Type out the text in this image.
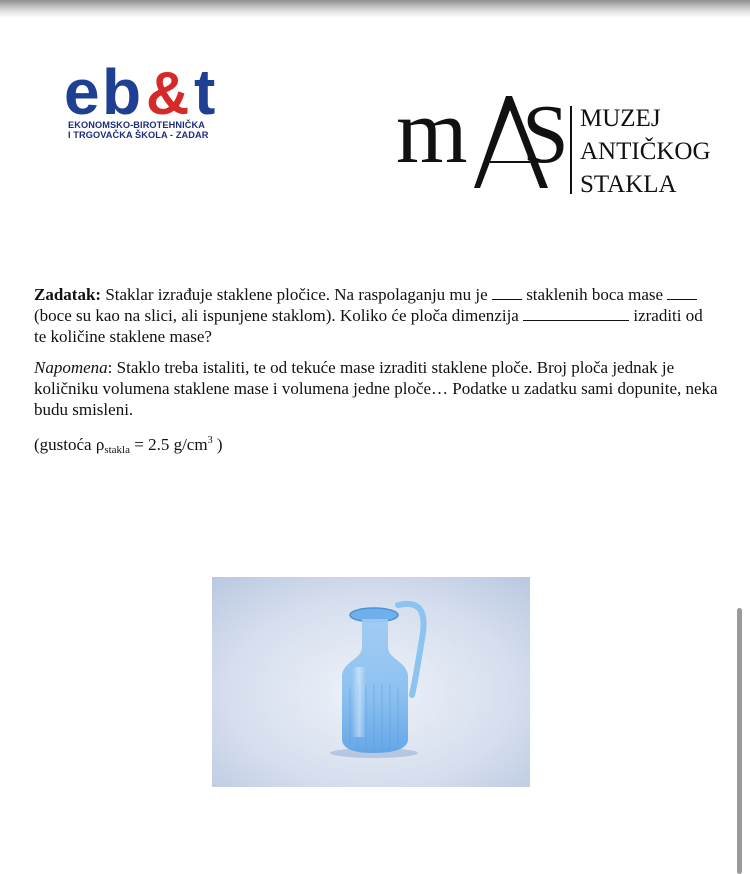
e b & t
EKONOMSKO-BIROTEHNIČKA
I TRGOVAČKA ŠKOLA - ZADAR m S MUZEJ
ANTIČKOG
STAKLA

Zadatak: Staklar izrađuje staklene pločice. Na raspolaganju mu je  staklenih boca mase  (boce su kao na slici, ali ispunjene staklom). Koliko će ploča dimenzija	izraditi od te količine staklene mase?

Napomena: Staklo treba istaliti, te od tekuće mase izraditi staklene ploče. Broj ploča jednak je količniku volumena staklene mase i volumena jedne ploče… Podatke u zadatku sami dopunite, neka budu smisleni.

(gustoća $\rho_{stakla} = 2.5$ $g/cm^3$ )
